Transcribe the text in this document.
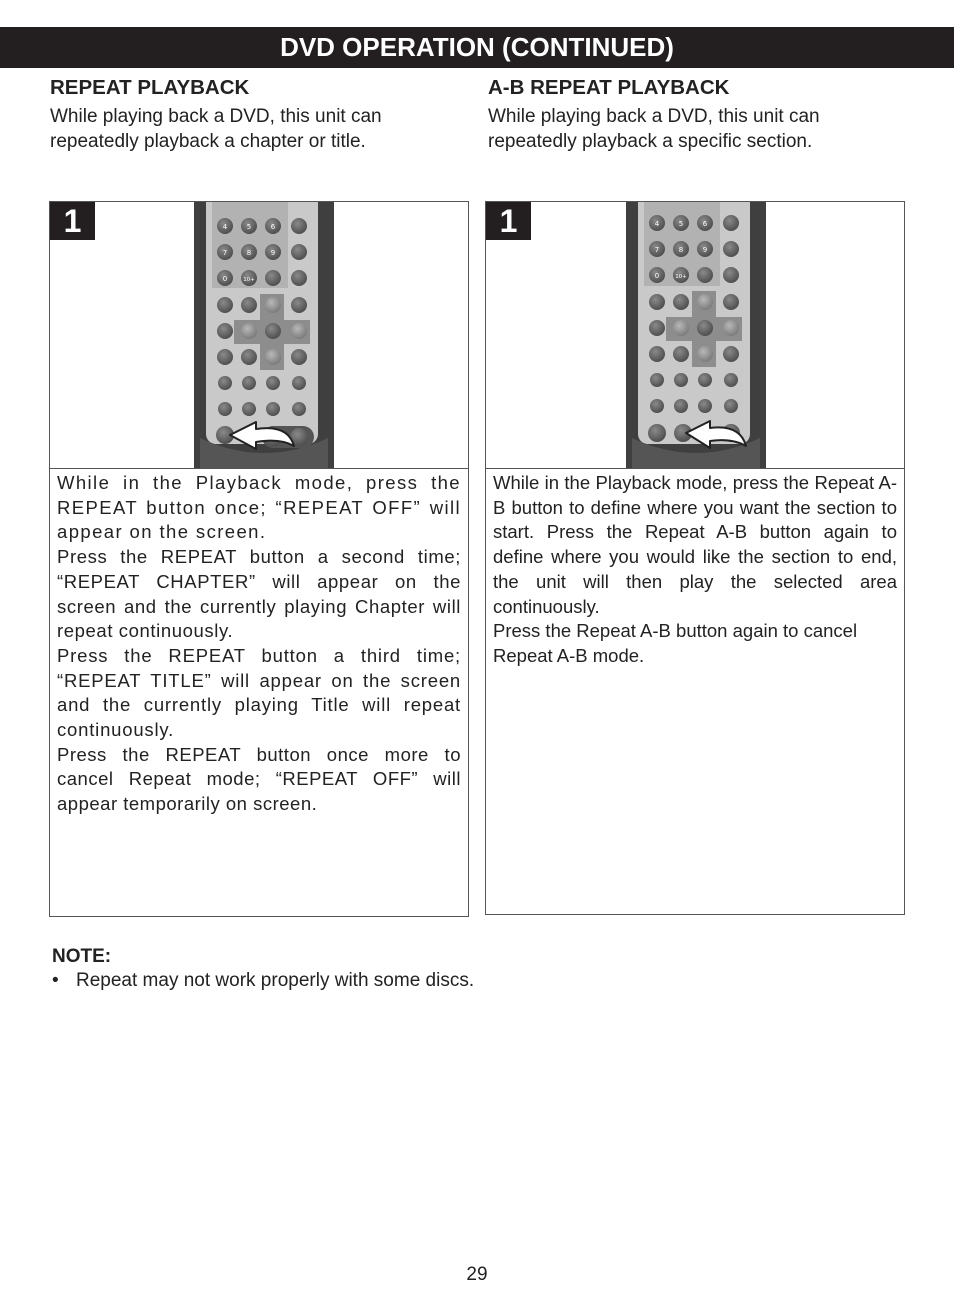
DVD OPERATION (CONTINUED)
REPEAT PLAYBACK
While playing back a DVD, this unit can repeatedly playback a chapter or title.
A-B REPEAT PLAYBACK
While playing back a DVD, this unit can repeatedly playback a specific section.
4	5	6
7	8	9
0	10+
1

While in the Playback mode, press the REPEAT button once; “REPEAT OFF” will appear on the screen.

Press the REPEAT button a second time; “REPEAT CHAPTER” will appear on the screen and the currently playing Chapter will repeat continuously.

Press the REPEAT button a third time; “REPEAT TITLE” will appear on the screen and the currently playing Title will repeat continuously.

Press the REPEAT button once more to cancel Repeat mode; “REPEAT OFF” will appear temporarily on screen.

4	5	6
7	8	9
0	10+
1

While in the Playback mode, press the Repeat A-B button to define where you want the section to start. Press the Repeat A-B button again to define where you would like the section to end, the unit will then play the selected area continuously.

Press the Repeat A-B button again to cancel Repeat A-B mode.

NOTE:
• Repeat may not work properly with some discs.
29
